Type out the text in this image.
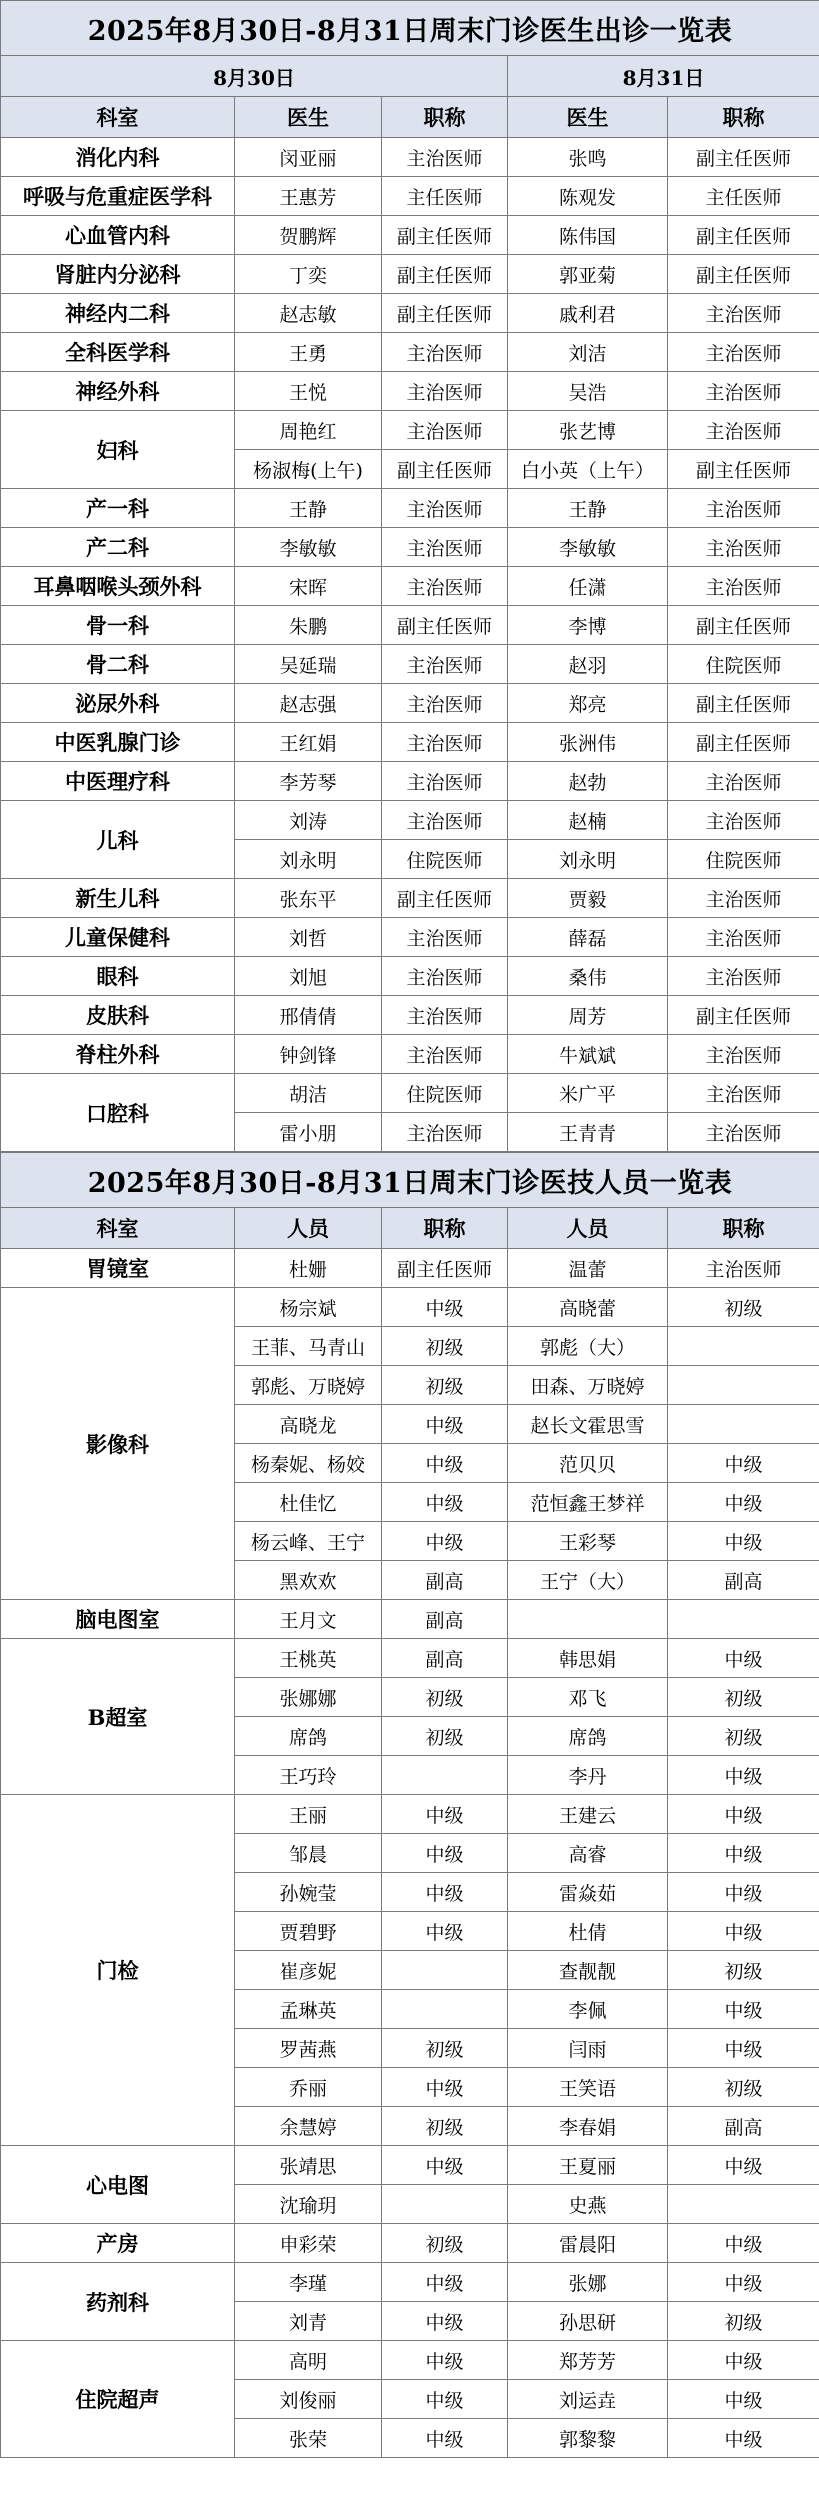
2025年8月30日-8月31日周末门诊医生出诊一览表				
8月30日			8月31日	
科室	医生	职称	医生	职称
消化内科	闵亚丽	主治医师	张鸣	副主任医师
呼吸与危重症医学科	王惠芳	主任医师	陈观发	主任医师
心血管内科	贺鹏辉	副主任医师	陈伟国	副主任医师
肾脏内分泌科	丁奕	副主任医师	郭亚菊	副主任医师
神经内二科	赵志敏	副主任医师	戚利君	主治医师
全科医学科	王勇	主治医师	刘洁	主治医师
神经外科	王悦	主治医师	吴浩	主治医师
妇科	周艳红	主治医师	张艺博	主治医师
	杨淑梅(上午)	副主任医师	白小英（上午）	副主任医师
产一科	王静	主治医师	王静	主治医师
产二科	李敏敏	主治医师	李敏敏	主治医师
耳鼻咽喉头颈外科	宋晖	主治医师	任潇	主治医师
骨一科	朱鹏	副主任医师	李博	副主任医师
骨二科	吴延瑞	主治医师	赵羽	住院医师
泌尿外科	赵志强	主治医师	郑亮	副主任医师
中医乳腺门诊	王红娟	主治医师	张洲伟	副主任医师
中医理疗科	李芳琴	主治医师	赵勃	主治医师
儿科	刘涛	主治医师	赵楠	主治医师
	刘永明	住院医师	刘永明	住院医师
新生儿科	张东平	副主任医师	贾毅	主治医师
儿童保健科	刘哲	主治医师	薛磊	主治医师
眼科	刘旭	主治医师	桑伟	主治医师
皮肤科	邢倩倩	主治医师	周芳	副主任医师
脊柱外科	钟剑锋	主治医师	牛斌斌	主治医师
口腔科	胡洁	住院医师	米广平	主治医师
	雷小朋	主治医师	王青青	主治医师
2025年8月30日-8月31日周末门诊医技人员一览表				
科室	人员	职称	人员	职称
胃镜室	杜姗	副主任医师	温蕾	主治医师
影像科	杨宗斌	中级	高晓蕾	初级
	王菲、马青山	初级	郭彪（大）	
	郭彪、万晓婷	初级	田森、万晓婷	
	高晓龙	中级	赵长文霍思雪	
	杨秦妮、杨姣	中级	范贝贝	中级
	杜佳忆	中级	范恒鑫王梦祥	中级
	杨云峰、王宁	中级	王彩琴	中级
	黑欢欢	副高	王宁（大）	副高
脑电图室	王月文	副高		
B超室	王桃英	副高	韩思娟	中级
	张娜娜	初级	邓飞	初级
	席鸽	初级	席鸽	初级
	王巧玲		李丹	中级
门检	王丽	中级	王建云	中级
	邹晨	中级	高睿	中级
	孙婉莹	中级	雷焱茹	中级
	贾碧野	中级	杜倩	中级
	崔彦妮		查靓靓	初级
	孟琳英		李佩	中级
	罗茜燕	初级	闫雨	中级
	乔丽	中级	王笑语	初级
	余慧婷	初级	李春娟	副高
心电图	张靖思	中级	王夏丽	中级
	沈瑜玥		史燕	
产房	申彩荣	初级	雷晨阳	中级
药剂科	李瑾	中级	张娜	中级
	刘青	中级	孙思研	初级
住院超声	高明	中级	郑芳芳	中级
	刘俊丽	中级	刘运垚	中级
	张荣	中级	郭黎黎	中级
